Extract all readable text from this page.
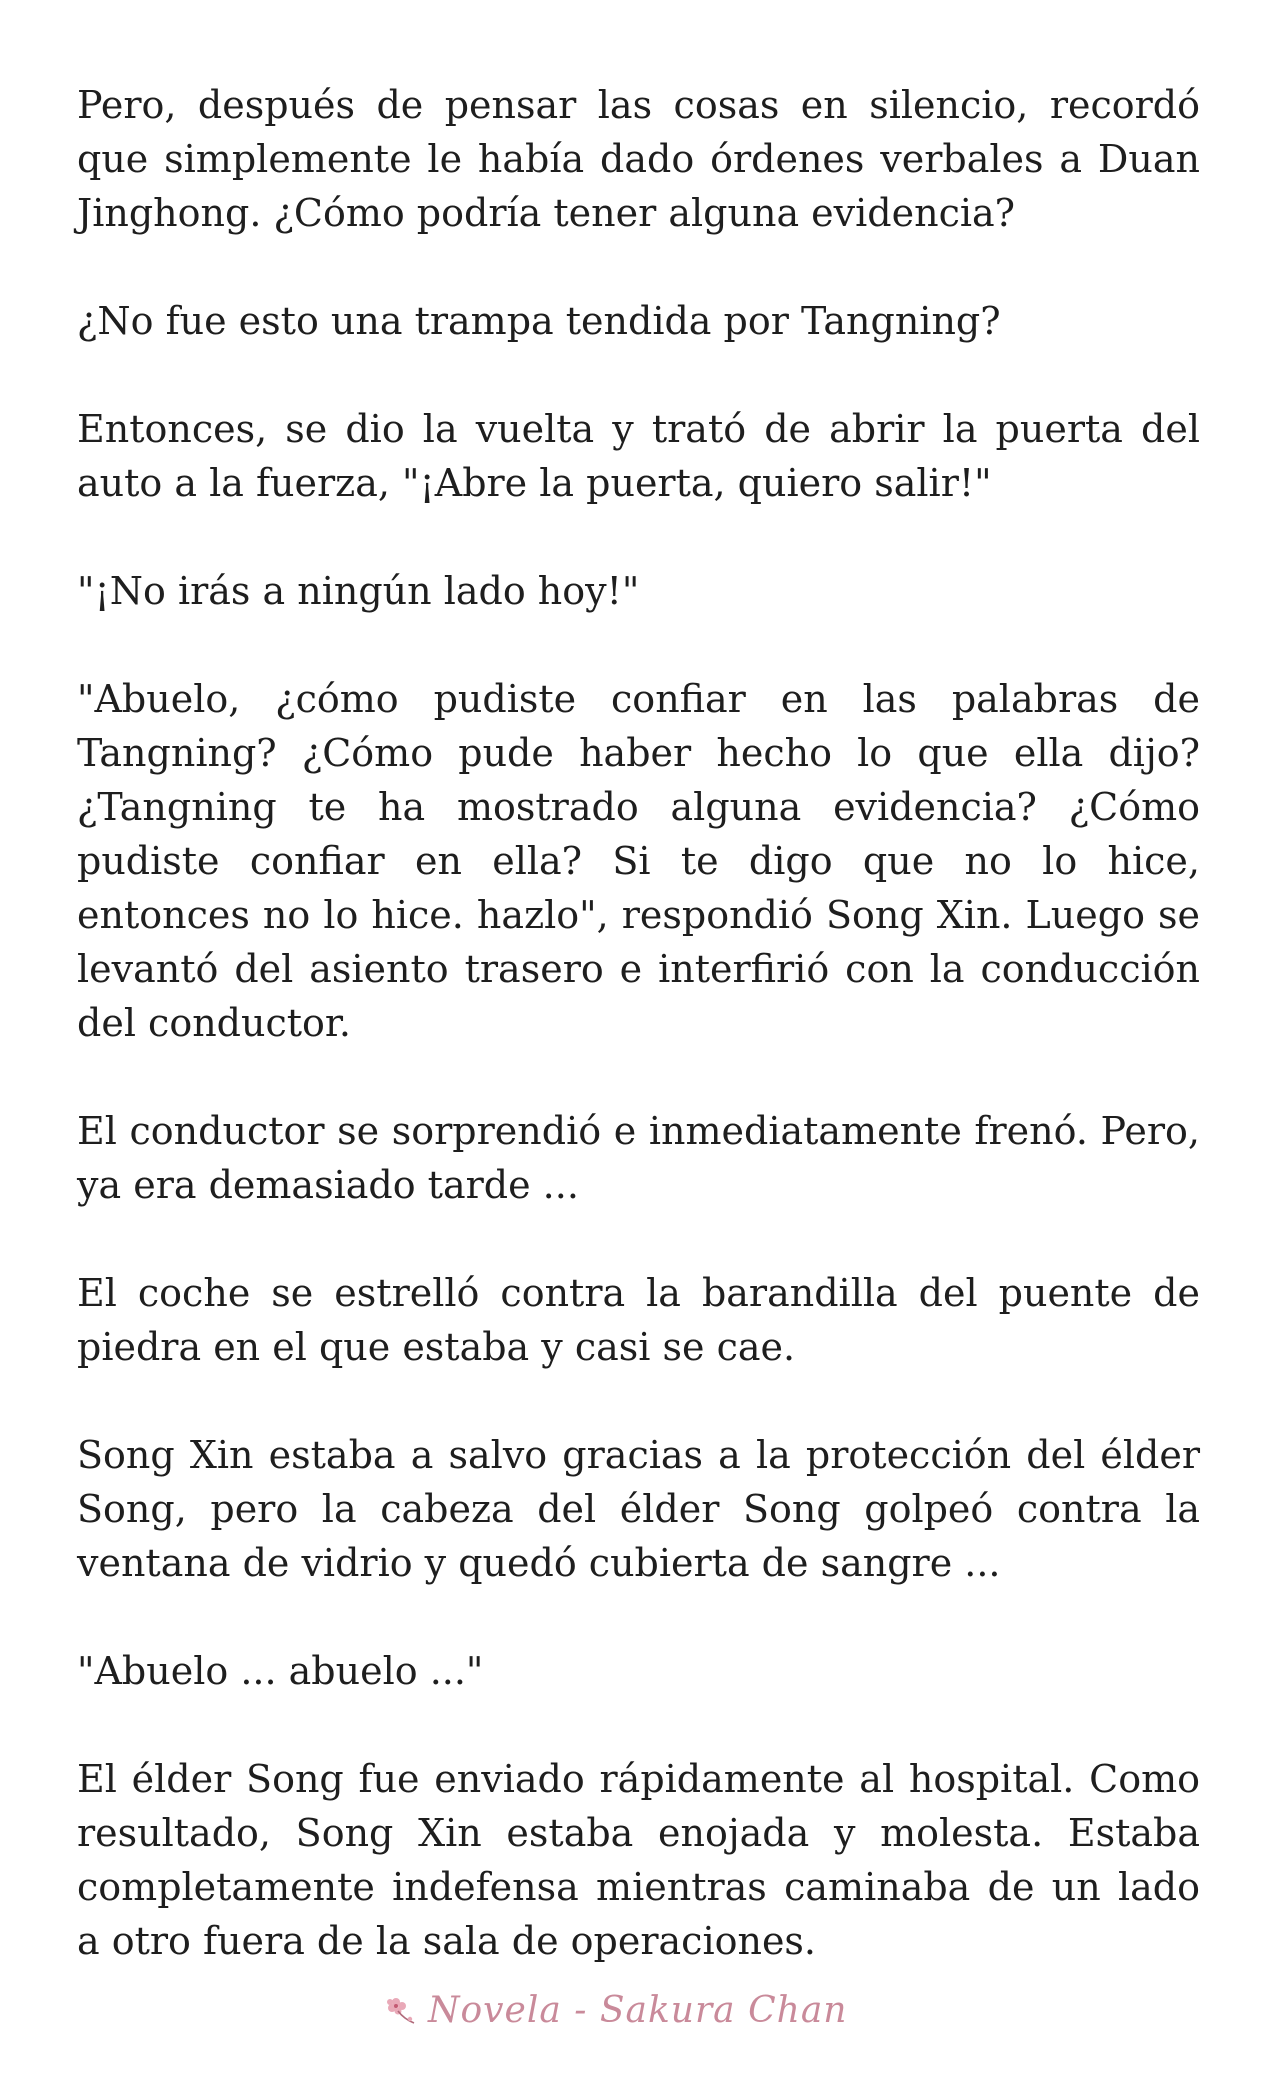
Pero, después de pensar las cosas en silencio, recordó que simplemente le había dado órdenes verbales a Duan Jinghong. ¿Cómo podría tener alguna evidencia?

¿No fue esto una trampa tendida por Tangning?

Entonces, se dio la vuelta y trató de abrir la puerta del auto a la fuerza, "¡Abre la puerta, quiero salir!"

"¡No irás a ningún lado hoy!"

"Abuelo, ¿cómo pudiste confiar en las palabras de Tangning? ¿Cómo pude haber hecho lo que ella dijo? ¿Tangning te ha mostrado alguna evidencia? ¿Cómo pudiste confiar en ella? Si te digo que no lo hice, entonces no lo hice. hazlo", respondió Song Xin. Luego se levantó del asiento trasero e interfirió con la conducción del conductor.

El conductor se sorprendió e inmediatamente frenó. Pero, ya era demasiado tarde ...

El coche se estrelló contra la barandilla del puente de piedra en el que estaba y casi se cae.

Song Xin estaba a salvo gracias a la protección del élder Song, pero la cabeza del élder Song golpeó contra la ventana de vidrio y quedó cubierta de sangre ...

"Abuelo ... abuelo ..."

El élder Song fue enviado rápidamente al hospital. Como resultado, Song Xin estaba enojada y molesta. Estaba completamente indefensa mientras caminaba de un lado a otro fuera de la sala de operaciones.

Novela - Sakura Chan
